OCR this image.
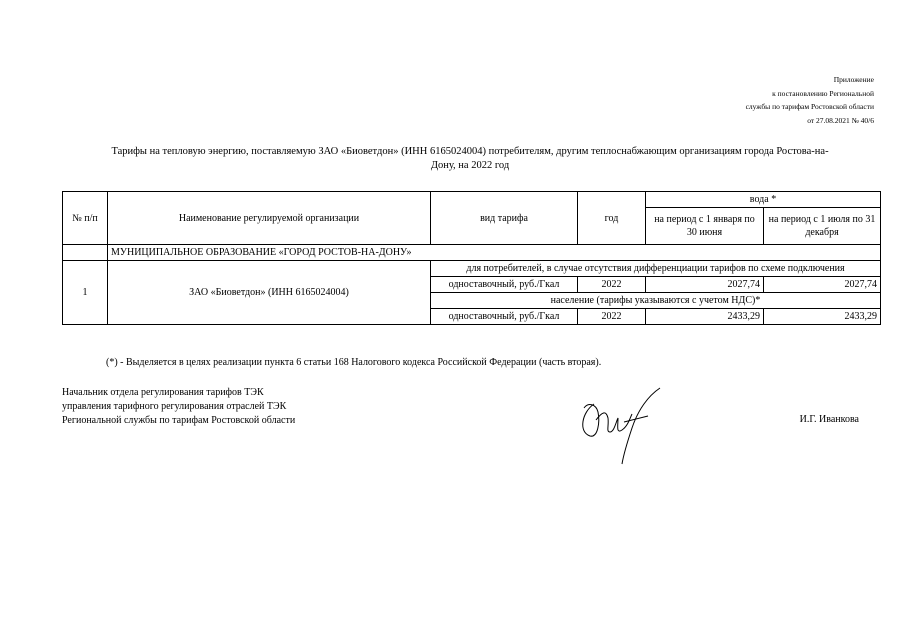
Приложение
к постановлению Региональной
службы по тарифам Ростовской области
от 27.08.2021 № 40/6
Тарифы на тепловую энергию, поставляемую ЗАО «Биоветдон» (ИНН 6165024004) потребителям, другим теплоснабжающим организациям города Ростова-на-
Дону, на 2022 год
№ п/п	Наименование регулируемой организации	вид тарифа	год	вода *	
				на период с 1 января по 30 июня	на период с 1 июля по 31 декабря
	МУНИЦИПАЛЬНОЕ ОБРАЗОВАНИЕ «ГОРОД РОСТОВ-НА-ДОНУ»				
1	ЗАО «Биоветдон» (ИНН 6165024004)	для потребителей, в случае отсутствия дифференциации тарифов по схеме подключения			
		одноставочный, руб./Гкал	2022	2027,74	2027,74
		население (тарифы указываются с учетом НДС)*			
		одноставочный, руб./Гкал	2022	2433,29	2433,29
(*) - Выделяется в целях реализации пункта 6 статьи 168 Налогового кодекса Российской Федерации (часть вторая).
Начальник отдела регулирования тарифов ТЭК
управления тарифного регулирования отраслей ТЭК
Региональной службы по тарифам Ростовской области	И.Г. Иванкова
